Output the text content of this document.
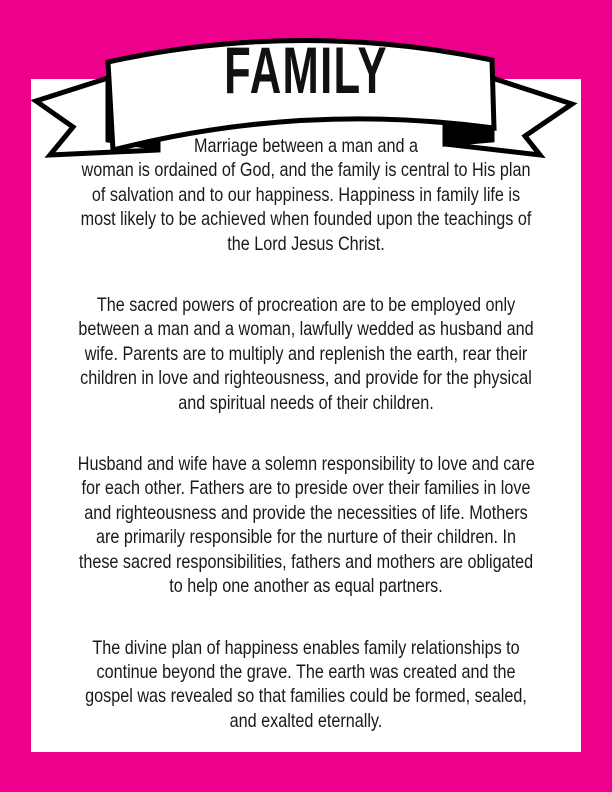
FAMILY

Marriage between a man and a
woman is ordained of God, and the family is central to His plan
of salvation and to our happiness. Happiness in family life is
most likely to be achieved when founded upon the teachings of
the Lord Jesus Christ.

The sacred powers of procreation are to be employed only
between a man and a woman, lawfully wedded as husband and
wife. Parents are to multiply and replenish the earth, rear their
children in love and righteousness, and provide for the physical
and spiritual needs of their children.

Husband and wife have a solemn responsibility to love and care
for each other. Fathers are to preside over their families in love
and righteousness and provide the necessities of life. Mothers
are primarily responsible for the nurture of their children. In
these sacred responsibilities, fathers and mothers are obligated
to help one another as equal partners.

The divine plan of happiness enables family relationships to
continue beyond the grave. The earth was created and the
gospel was revealed so that families could be formed, sealed,
and exalted eternally.
